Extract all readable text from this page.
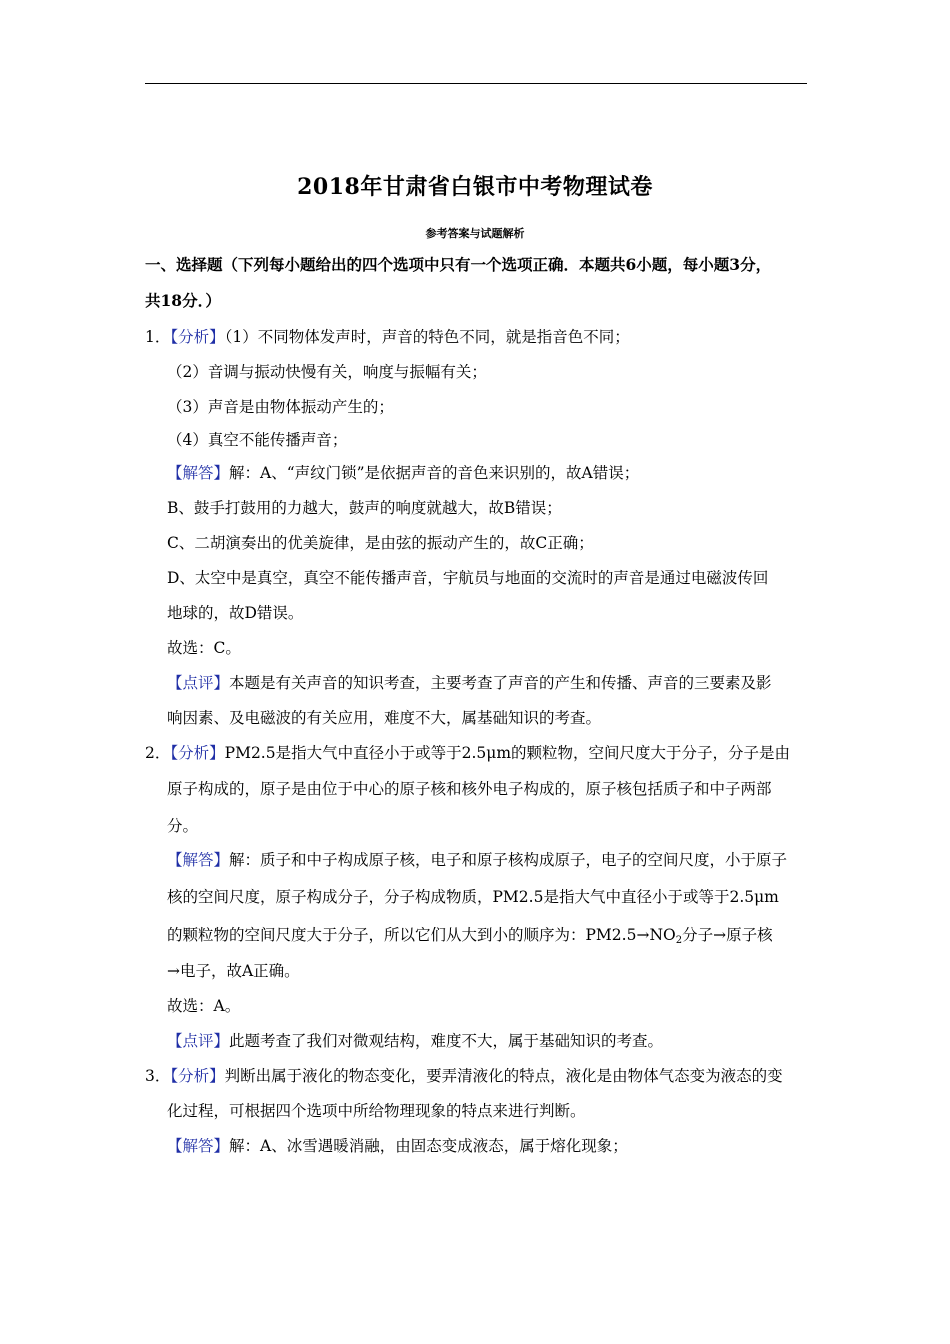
2018年甘肃省白银市中考物理试卷
参考答案与试题解析
一、选择题（下列每小题给出的四个选项中只有一个选项正确．本题共6小题，每小题3分，
共18分．）
1．【分析】（1）不同物体发声时，声音的特色不同，就是指音色不同；
（2）音调与振动快慢有关，响度与振幅有关；
（3）声音是由物体振动产生的；
（4）真空不能传播声音；
【解答】解：A、“声纹门锁”是依据声音的音色来识别的，故A错误；
B、鼓手打鼓用的力越大，鼓声的响度就越大，故B错误；
C、二胡演奏出的优美旋律，是由弦的振动产生的，故C正确；
D、太空中是真空，真空不能传播声音，宇航员与地面的交流时的声音是通过电磁波传回
地球的，故D错误。
故选：C。
【点评】本题是有关声音的知识考查，主要考查了声音的产生和传播、声音的三要素及影
响因素、及电磁波的有关应用，难度不大，属基础知识的考查。
2．【分析】PM2.5是指大气中直径小于或等于2.5μm的颗粒物，空间尺度大于分子，分子是由
原子构成的，原子是由位于中心的原子核和核外电子构成的，原子核包括质子和中子两部
分。
【解答】解：质子和中子构成原子核，电子和原子核构成原子，电子的空间尺度，小于原子
核的空间尺度，原子构成分子，分子构成物质，PM2.5是指大气中直径小于或等于2.5μm
的颗粒物的空间尺度大于分子，所以它们从大到小的顺序为：$PM2.5\to NO_2$分子→原子核
→电子，故A正确。
故选：A。
【点评】此题考查了我们对微观结构，难度不大，属于基础知识的考查。
3．【分析】判断出属于液化的物态变化，要弄清液化的特点，液化是由物体气态变为液态的变
化过程，可根据四个选项中所给物理现象的特点来进行判断。
【解答】解：A、冰雪遇暖消融，由固态变成液态，属于熔化现象；
